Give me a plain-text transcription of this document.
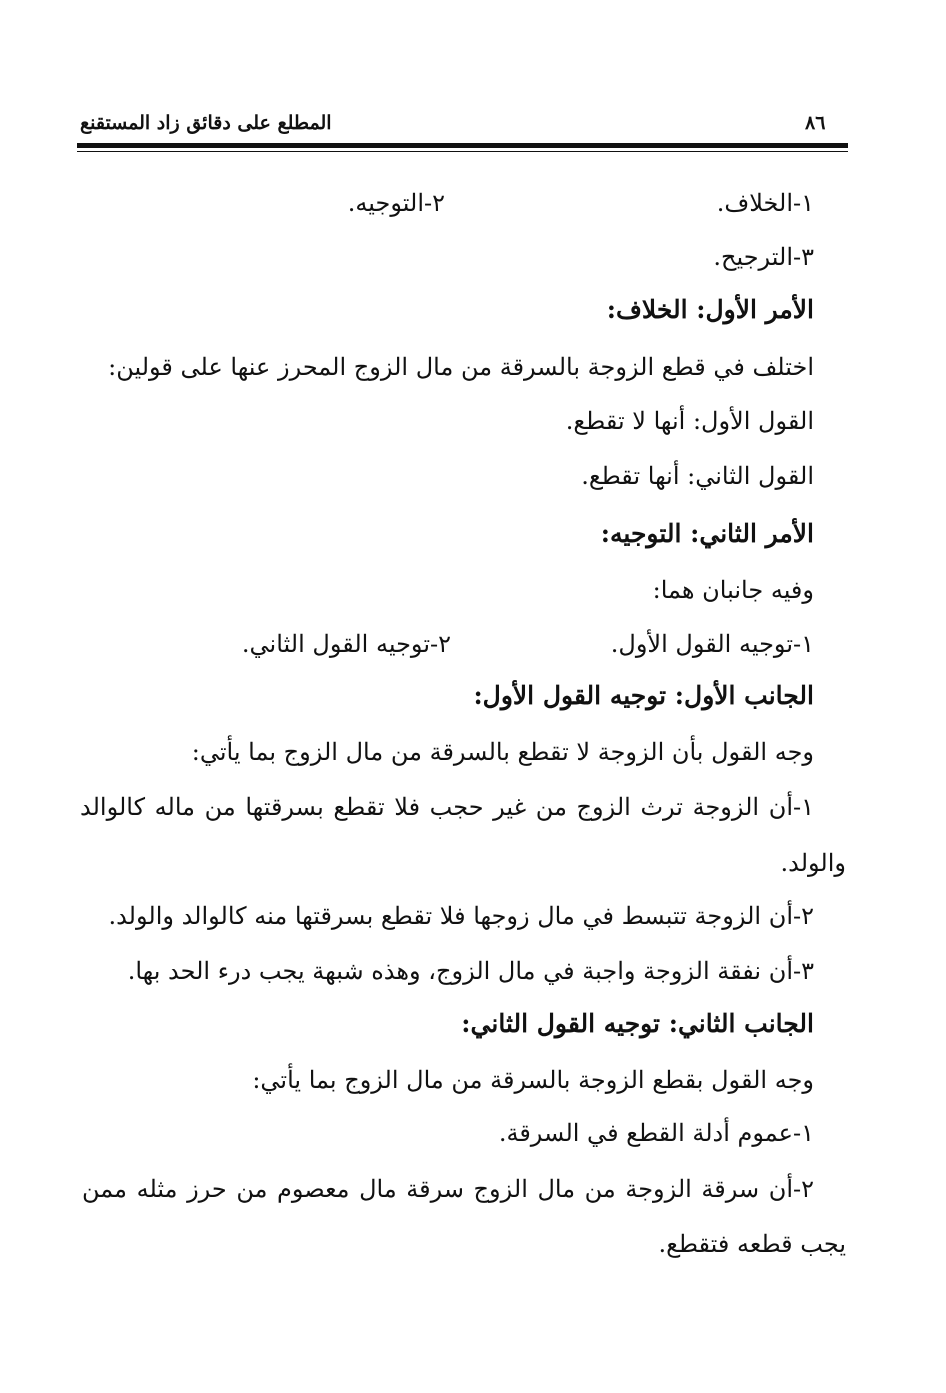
المطلع على دقائق زاد المستقنع	٨٦
١-الخلاف.
٢-التوجيه.
٣-الترجيح.
الأمر الأول: الخلاف:
اختلف في قطع الزوجة بالسرقة من مال الزوج المحرز عنها على قولين:
القول الأول: أنها لا تقطع.
القول الثاني: أنها تقطع.
الأمر الثاني: التوجيه:
وفيه جانبان هما:
١-توجيه القول الأول.
٢-توجيه القول الثاني.
الجانب الأول: توجيه القول الأول:
وجه القول بأن الزوجة لا تقطع بالسرقة من مال الزوج بما يأتي:
١-أن الزوجة ترث الزوج من غير حجب فلا تقطع بسرقتها من ماله كالوالد
والولد.
٢-أن الزوجة تتبسط في مال زوجها فلا تقطع بسرقتها منه كالوالد والولد.
٣-أن نفقة الزوجة واجبة في مال الزوج، وهذه شبهة يجب درء الحد بها.
الجانب الثاني: توجيه القول الثاني:
وجه القول بقطع الزوجة بالسرقة من مال الزوج بما يأتي:
١-عموم أدلة القطع في السرقة.
٢-أن سرقة الزوجة من مال الزوج سرقة مال معصوم من حرز مثله ممن
يجب قطعه فتقطع.
